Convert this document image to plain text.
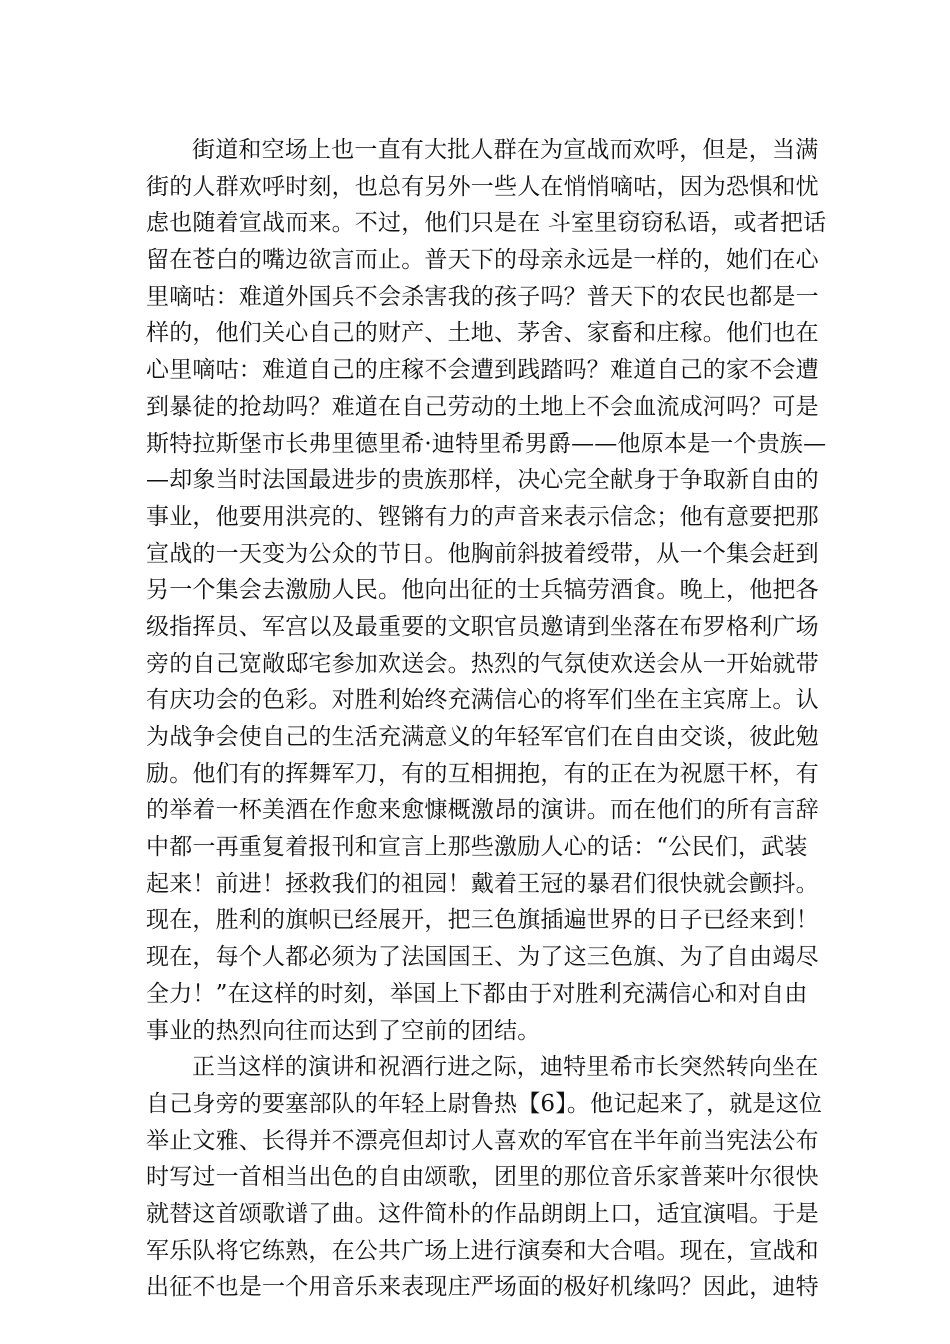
街道和空场上也一直有大批人群在为宣战而欢呼，但是，当满
街的人群欢呼时刻，也总有另外一些人在悄悄嘀咕，因为恐惧和忧
虑也随着宣战而来。不过，他们只是在 斗室里窃窃私语，或者把话
留在苍白的嘴边欲言而止。普天下的母亲永远是一样的，她们在心
里嘀咕：难道外国兵不会杀害我的孩子吗？普天下的农民也都是一
样的，他们关心自己的财产、土地、茅舍、家畜和庄稼。他们也在
心里嘀咕：难道自己的庄稼不会遭到践踏吗？难道自己的家不会遭
到暴徒的抢劫吗？难道在自己劳动的土地上不会血流成河吗？可是
斯特拉斯堡市长弗里德里希·迪特里希男爵——他原本是一个贵族—
—却象当时法国最进步的贵族那样，决心完全献身于争取新自由的
事业，他要用洪亮的、铿锵有力的声音来表示信念；他有意要把那
宣战的一天变为公众的节日。他胸前斜披着绶带，从一个集会赶到
另一个集会去激励人民。他向出征的士兵犒劳酒食。晚上，他把各
级指挥员、军宫以及最重要的文职官员邀请到坐落在布罗格利广场
旁的自己宽敞邸宅参加欢送会。热烈的气氛使欢送会从一开始就带
有庆功会的色彩。对胜利始终充满信心的将军们坐在主宾席上。认
为战争会使自己的生活充满意义的年轻军官们在自由交谈，彼此勉
励。他们有的挥舞军刀，有的互相拥抱，有的正在为祝愿干杯，有
的举着一杯美酒在作愈来愈慷概激昂的演讲。而在他们的所有言辞
中都一再重复着报刊和宣言上那些激励人心的话：“公民们，武装
起来！前进！拯救我们的祖园！戴着王冠的暴君们很快就会颤抖。
现在，胜利的旗帜已经展开，把三色旗插遍世界的日子已经来到！
现在，每个人都必须为了法国国王、为了这三色旗、为了自由竭尽
全力！”在这样的时刻，举国上下都由于对胜利充满信心和对自由
事业的热烈向往而达到了空前的团结。
正当这样的演讲和祝酒行进之际，迪特里希市长突然转向坐在
自己身旁的要塞部队的年轻上尉鲁热【6】。他记起来了，就是这位
举止文雅、长得并不漂亮但却讨人喜欢的军官在半年前当宪法公布
时写过一首相当出色的自由颂歌，团里的那位音乐家普莱叶尔很快
就替这首颂歌谱了曲。这件简朴的作品朗朗上口，适宜演唱。于是
军乐队将它练熟，在公共广场上进行演奏和大合唱。现在，宣战和
出征不也是一个用音乐来表现庄严场面的极好机缘吗？因此，迪特
